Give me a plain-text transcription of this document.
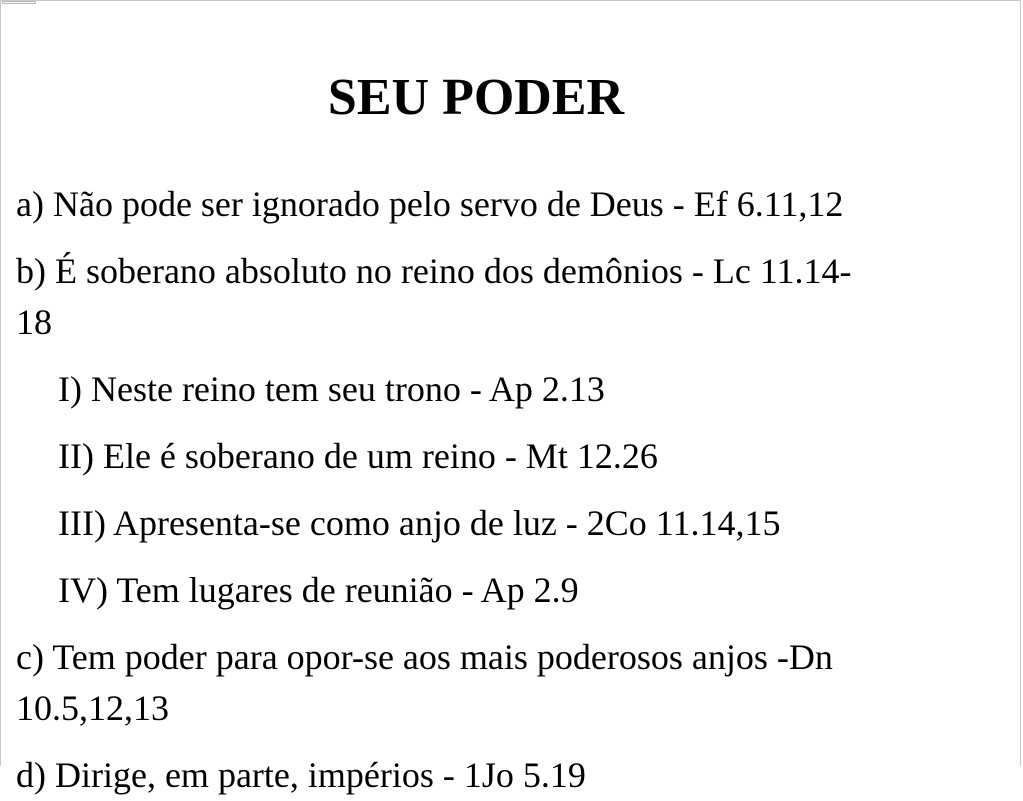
SEU PODER
a) Não pode ser ignorado pelo servo de Deus - Ef 6.11,12
b) É soberano absoluto no reino dos demônios - Lc 11.14-
18
I) Neste reino tem seu trono - Ap 2.13
II) Ele é soberano de um reino - Mt 12.26
III) Apresenta-se como anjo de luz - 2Co 11.14,15
IV) Tem lugares de reunião - Ap 2.9
c) Tem poder para opor-se aos mais poderosos anjos -Dn
10.5,12,13
d) Dirige, em parte, impérios - 1Jo 5.19
